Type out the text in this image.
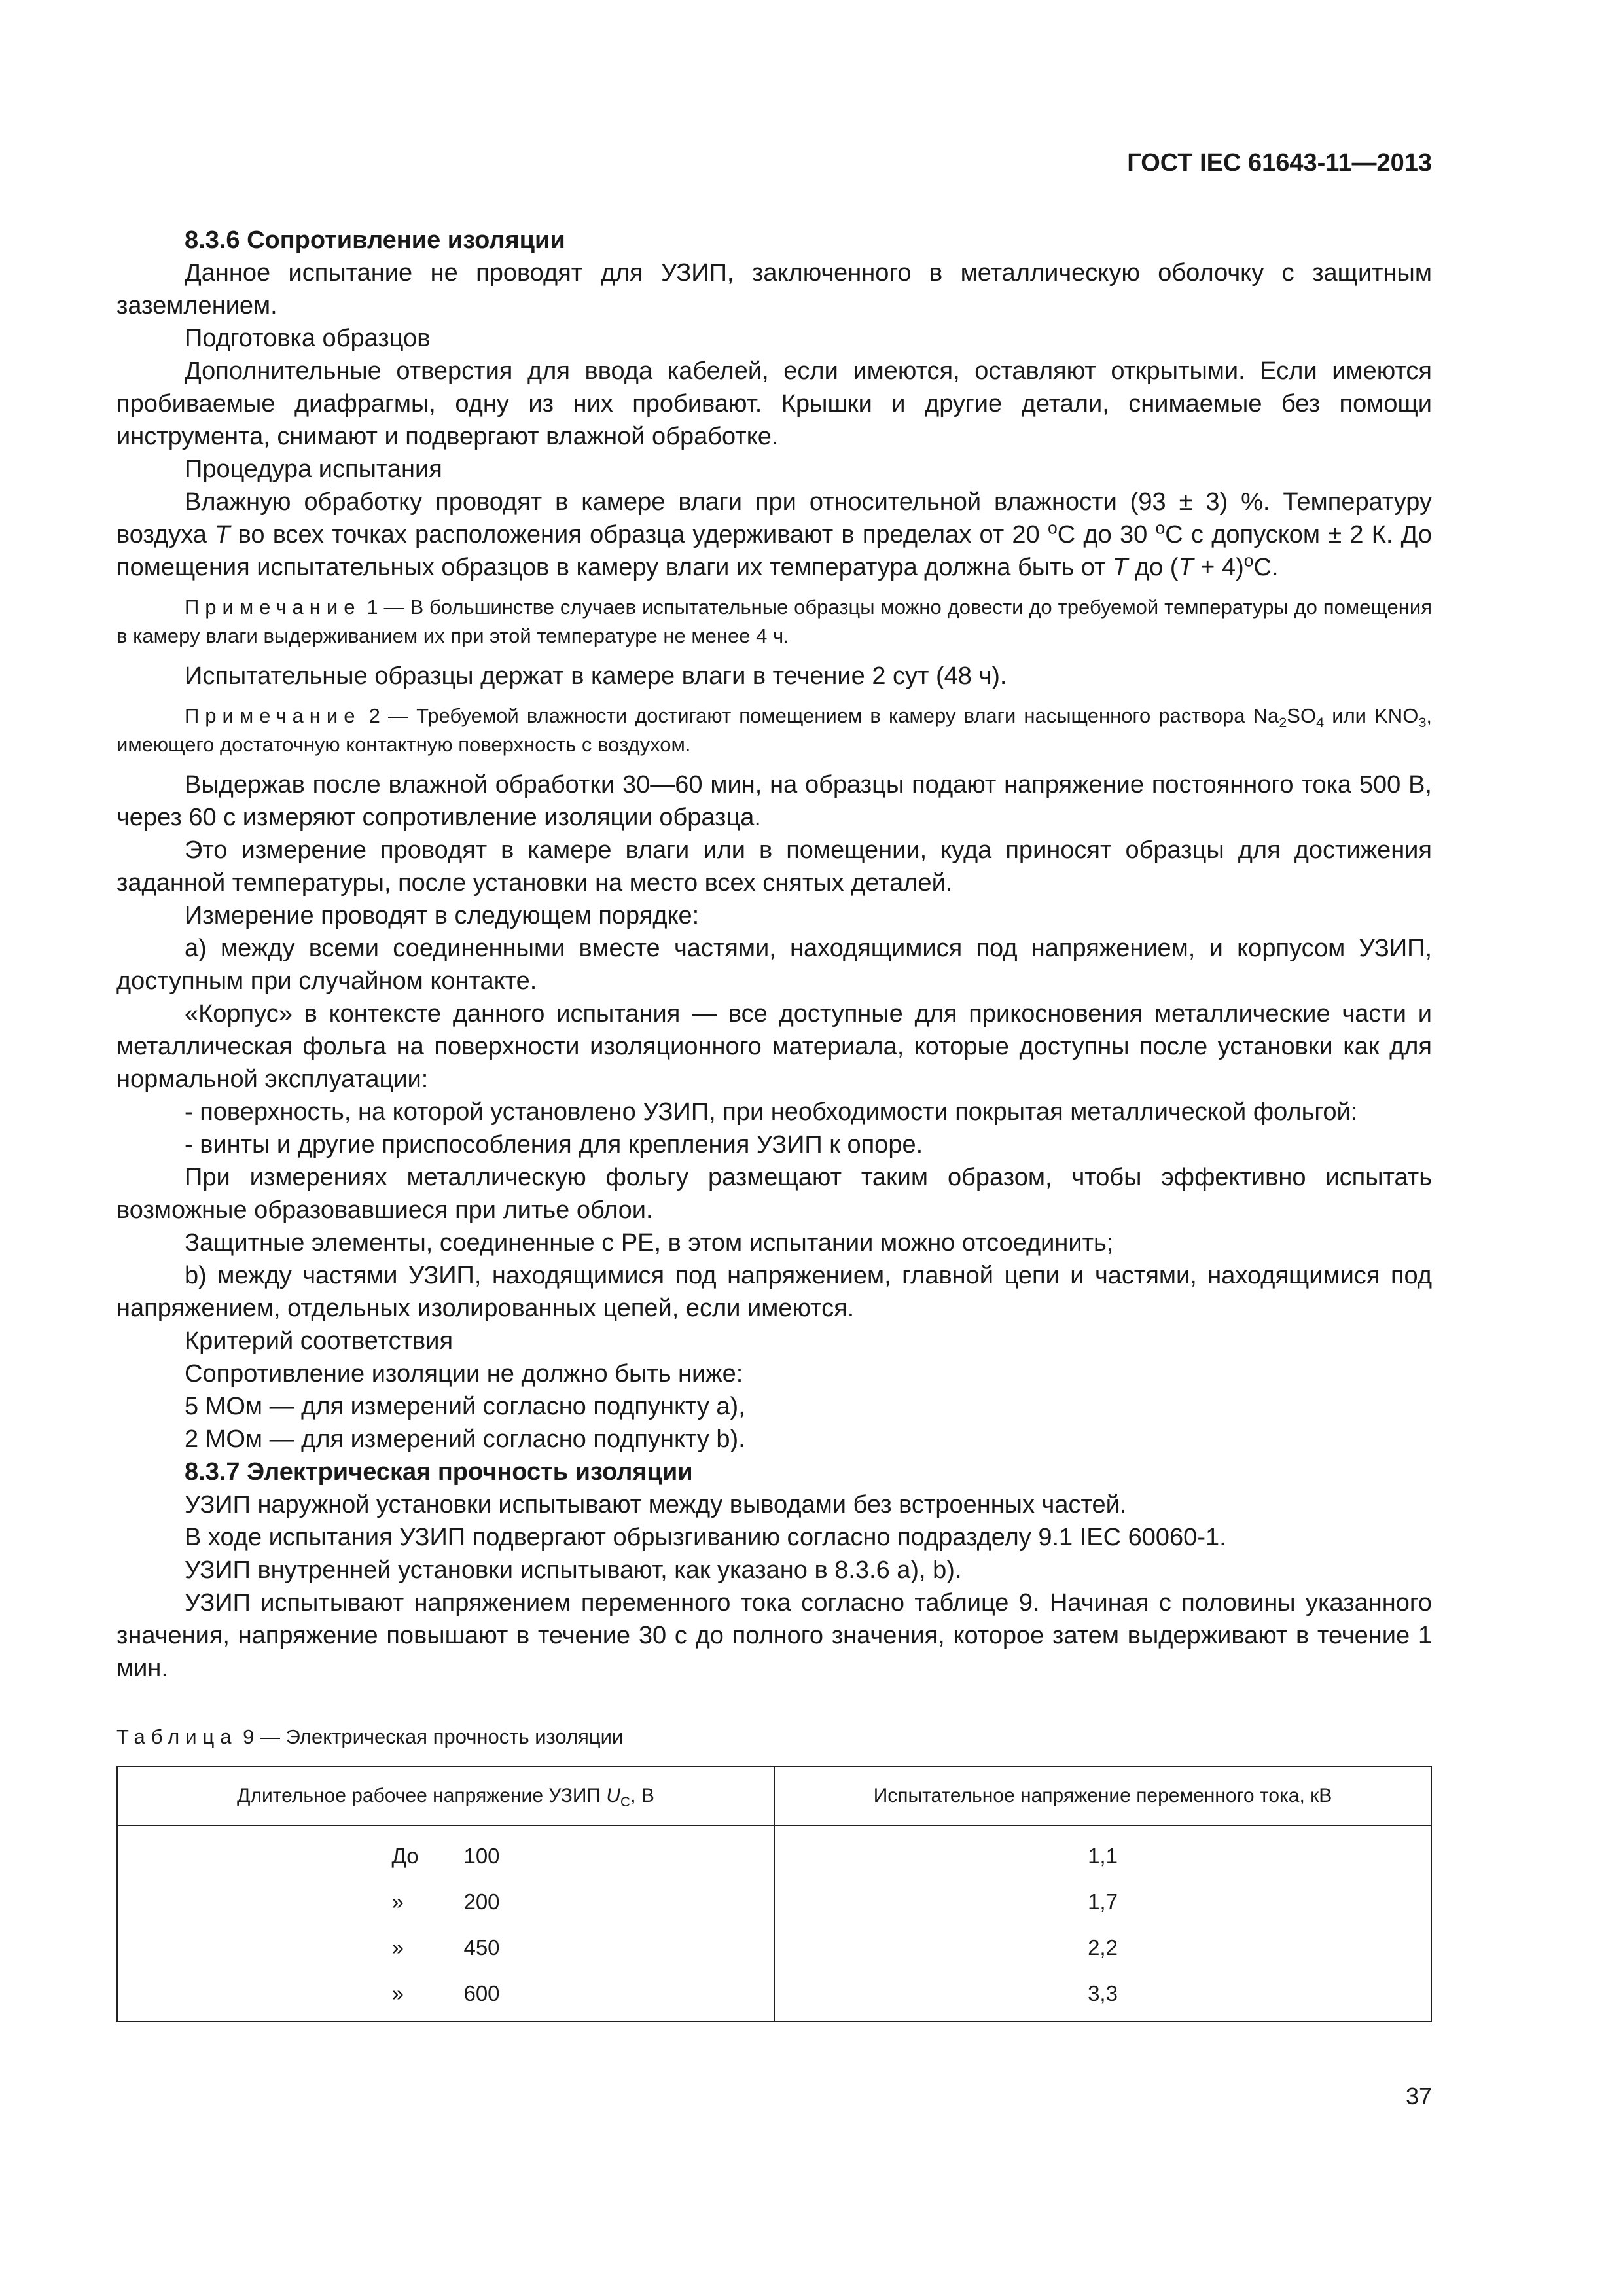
ГОСТ IEC 61643-11—2013

8.3.6 Сопротивление изоляции

Данное испытание не проводят для УЗИП, заключенного в металлическую оболочку с защитным заземлением.

Подготовка образцов

Дополнительные отверстия для ввода кабелей, если имеются, оставляют открытыми. Если имеются пробиваемые диафрагмы, одну из них пробивают. Крышки и другие детали, снимаемые без помощи инструмента, снимают и подвергают влажной обработке.

Процедура испытания

Влажную обработку проводят в камере влаги при относительной влажности (93 ± 3) %. Температуру воздуха T во всех точках расположения образца удерживают в пределах от 20 $^o$C до 30 $^o$C с допуском ± 2 К. До помещения испытательных образцов в камеру влаги их температура должна быть от T до $(T + 4)^oC$.

Примечание 1 — В большинстве случаев испытательные образцы можно довести до требуемой температуры до помещения в камеру влаги выдерживанием их при этой температуре не менее 4 ч.

Испытательные образцы держат в камере влаги в течение 2 сут (48 ч).

Примечание 2 — Требуемой влажности достигают помещением в камеру влаги насыщенного раствора $Na_2SO_4$ или $KNO_3$, имеющего достаточную контактную поверхность с воздухом.

Выдержав после влажной обработки 30—60 мин, на образцы подают напряжение постоянного тока 500 В, через 60 с измеряют сопротивление изоляции образца.

Это измерение проводят в камере влаги или в помещении, куда приносят образцы для достижения заданной температуры, после установки на место всех снятых деталей.

Измерение проводят в следующем порядке:

а) между всеми соединенными вместе частями, находящимися под напряжением, и корпусом УЗИП, доступным при случайном контакте.

«Корпус» в контексте данного испытания — все доступные для прикосновения металлические части и металлическая фольга на поверхности изоляционного материала, которые доступны после установки как для нормальной эксплуатации:

- поверхность, на которой установлено УЗИП, при необходимости покрытая металлической фольгой:

- винты и другие приспособления для крепления УЗИП к опоре.

При измерениях металлическую фольгу размещают таким образом, чтобы эффективно испытать возможные образовавшиеся при литье облои.

Защитные элементы, соединенные с РЕ, в этом испытании можно отсоединить;

b) между частями УЗИП, находящимися под напряжением, главной цепи и частями, находящимися под напряжением, отдельных изолированных цепей, если имеются.

Критерий соответствия

Сопротивление изоляции не должно быть ниже:

5 МОм — для измерений согласно подпункту а),

2 МОм — для измерений согласно подпункту b).

8.3.7 Электрическая прочность изоляции

УЗИП наружной установки испытывают между выводами без встроенных частей.

В ходе испытания УЗИП подвергают обрызгиванию согласно подразделу 9.1 IEC 60060-1.

УЗИП внутренней установки испытывают, как указано в 8.3.6 а), b).

УЗИП испытывают напряжением переменного тока согласно таблице 9. Начиная с половины указанного значения, напряжение повышают в течение 30 с до полного значения, которое затем выдерживают в течение 1 мин.

Таблица 9 — Электрическая прочность изоляции
Длительное рабочее напряжение УЗИП $U_C$, В	Испытательное напряжение переменного тока, кВ
До 100	1,1
» 200	1,7
» 450	2,2
» 600	3,3
37
